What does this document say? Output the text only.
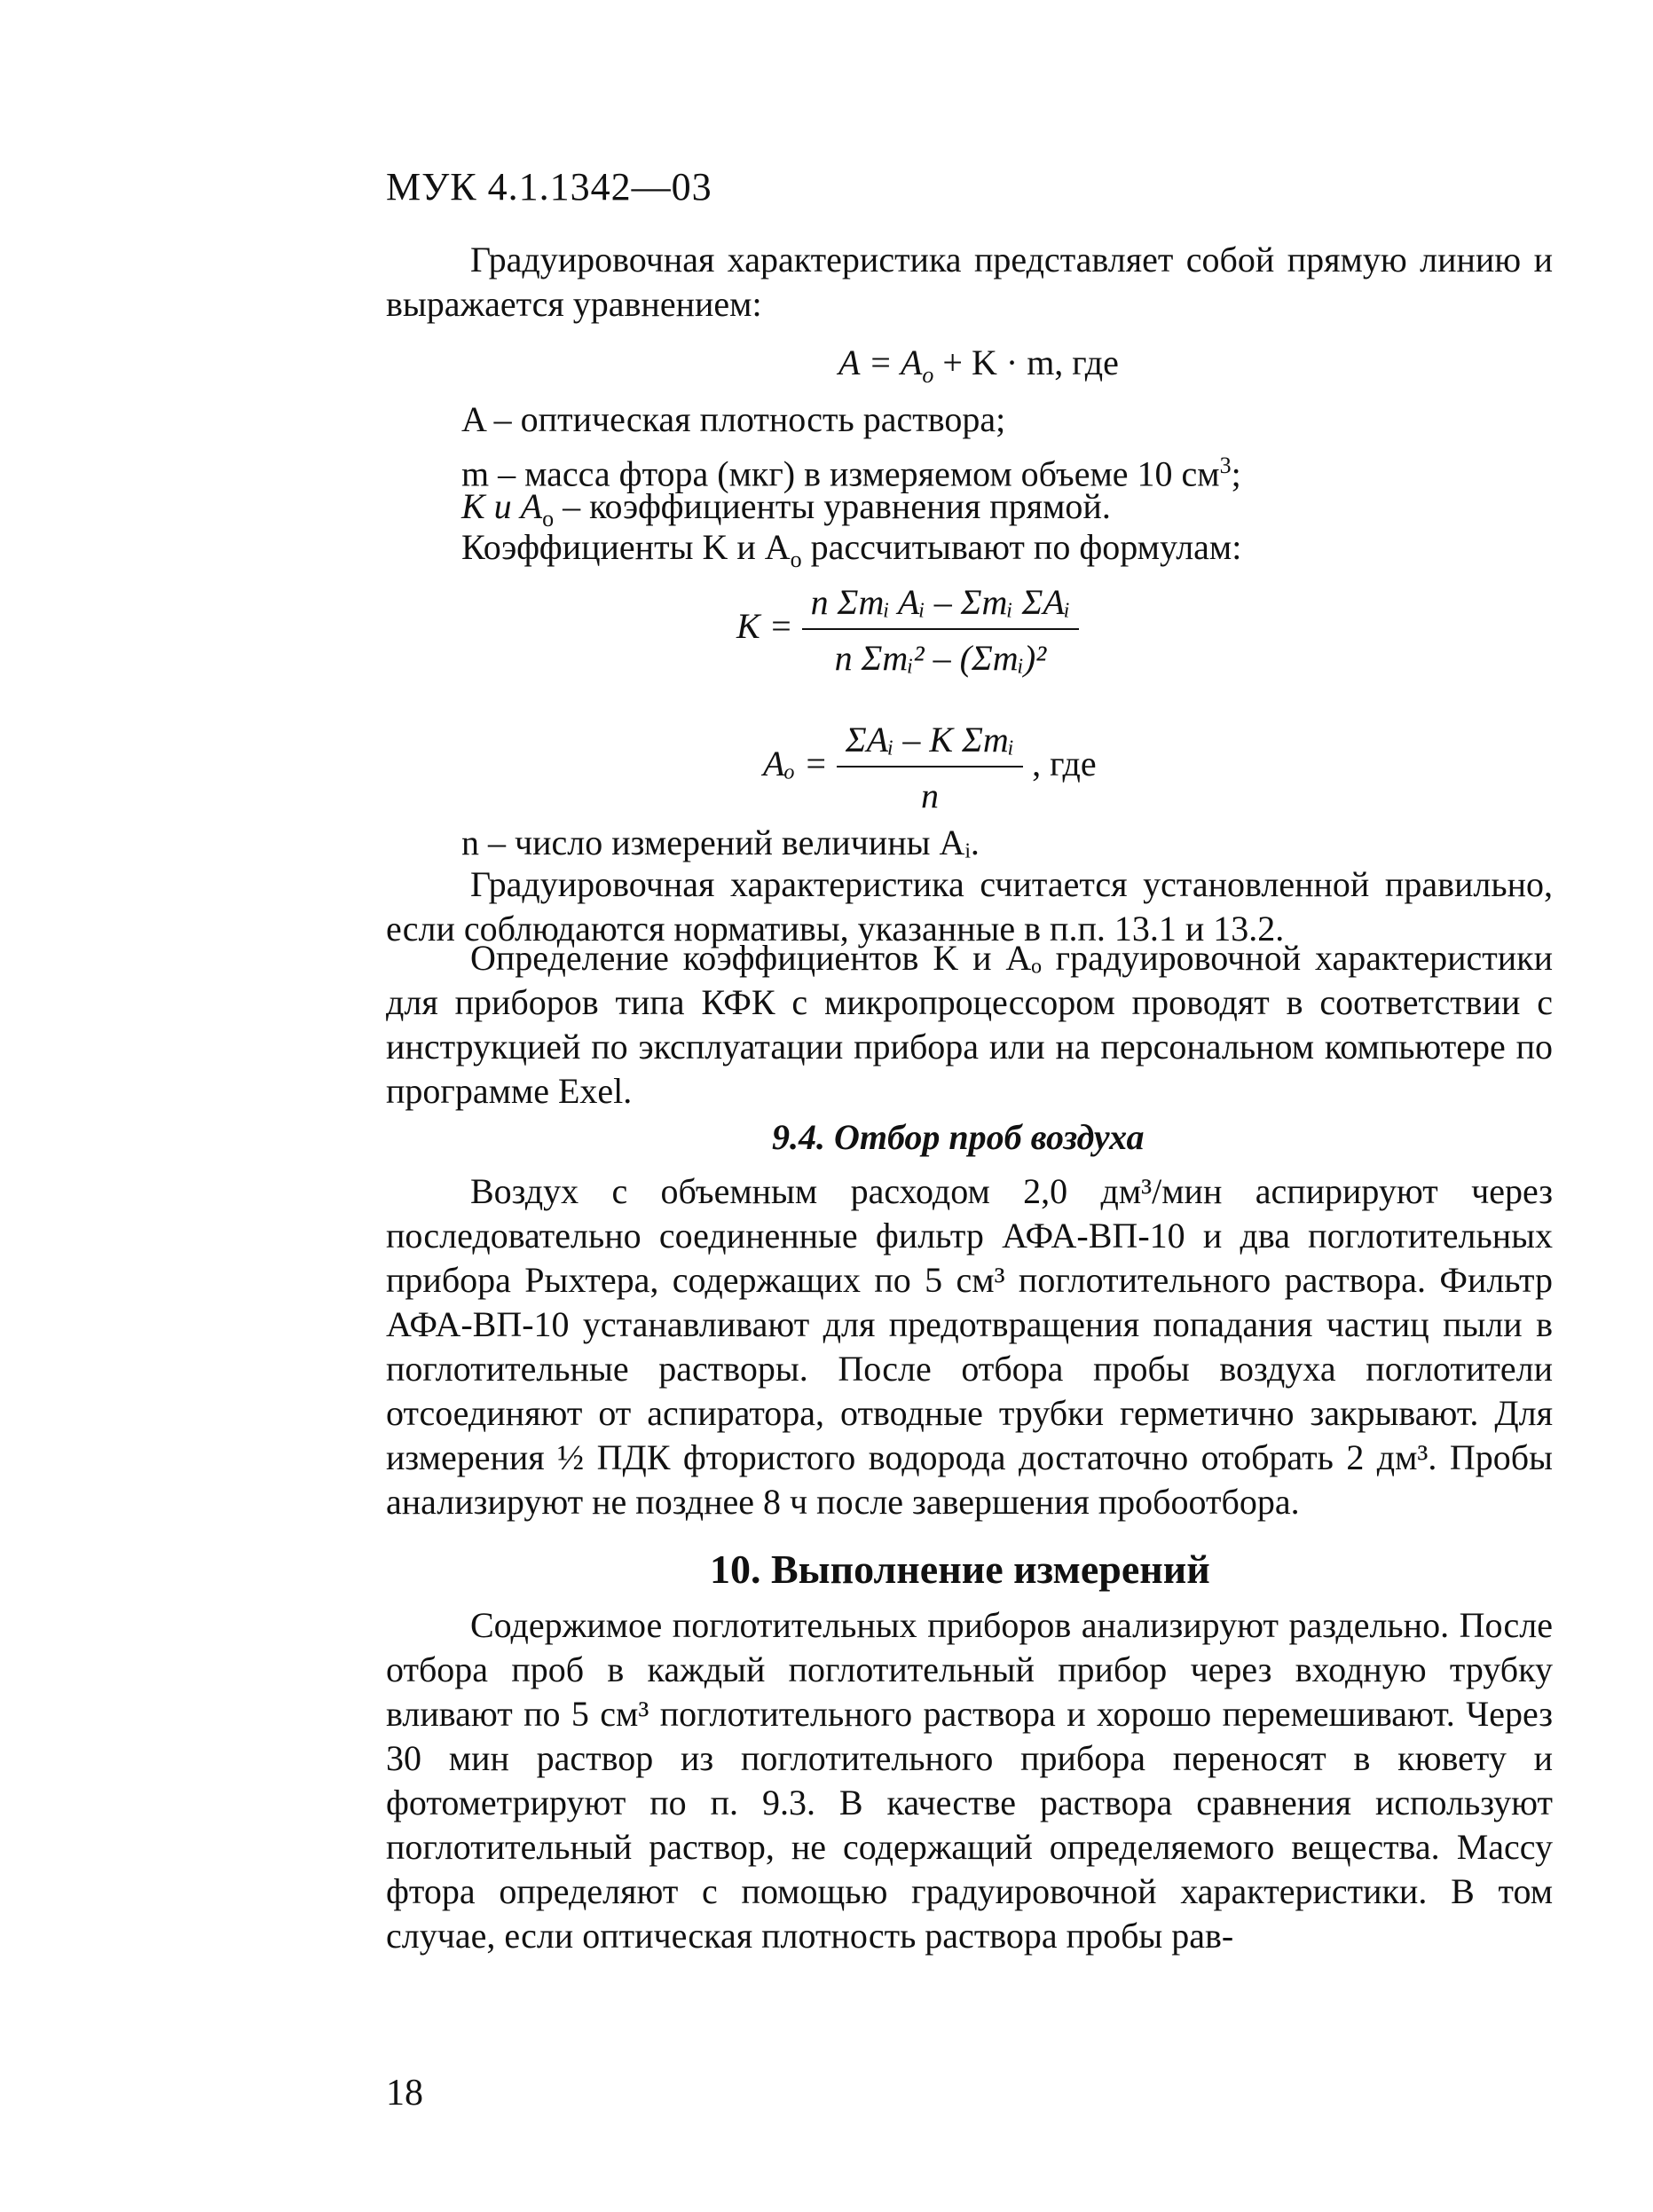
МУК 4.1.1342—03

Градуировочная характеристика представляет собой прямую линию и выражается уравнением:

$A = A_o + K \cdot m$, где
A – оптическая плотность раствора;
m – масса фтора (мкг) в измеряемом объеме 10 $см^3$;
K и $A_o$ – коэффициенты уравнения прямой.
Коэффициенты K и $A_o$ рассчитывают по формулам:
$K = \frac{\text{n Σmᵢ Aᵢ – Σmᵢ ΣAᵢ}}{\text{n Σmᵢ² – (Σmᵢ)²}}$
$A_o = \frac{\text{ΣAᵢ – K Σmᵢ}}{n}$ , где
n – число измерений величины Aᵢ.

Градуировочная характеристика считается установленной правильно, если соблюдаются нормативы, указанные в п.п. 13.1 и 13.2.

Определение коэффициентов K и Aₒ градуировочной характеристики для приборов типа КФК с микропроцессором проводят в соответствии с инструкцией по эксплуатации прибора или на персональном компьютере по программе Exel.

9.4. Отбор проб воздуха

Воздух с объемным расходом 2,0 дм³/мин аспирируют через последовательно соединенные фильтр АФА-ВП-10 и два поглотительных прибора Рыхтера, содержащих по 5 см³ поглотительного раствора. Фильтр АФА-ВП-10 устанавливают для предотвращения попадания частиц пыли в поглотительные растворы. После отбора пробы воздуха поглотители отсоединяют от аспиратора, отводные трубки герметично закрывают. Для измерения ½ ПДК фтористого водорода достаточно отобрать 2 дм³. Пробы анализируют не позднее 8 ч после завершения пробоотбора.

10. Выполнение измерений

Содержимое поглотительных приборов анализируют раздельно. После отбора проб в каждый поглотительный прибор через входную трубку вливают по 5 см³ поглотительного раствора и хорошо перемешивают. Через 30 мин раствор из поглотительного прибора переносят в кювету и фотометрируют по п. 9.3. В качестве раствора сравнения используют поглотительный раствор, не содержащий определяемого вещества. Массу фтора определяют с помощью градуировочной характеристики. В том случае, если оптическая плотность раствора пробы рав-

18
